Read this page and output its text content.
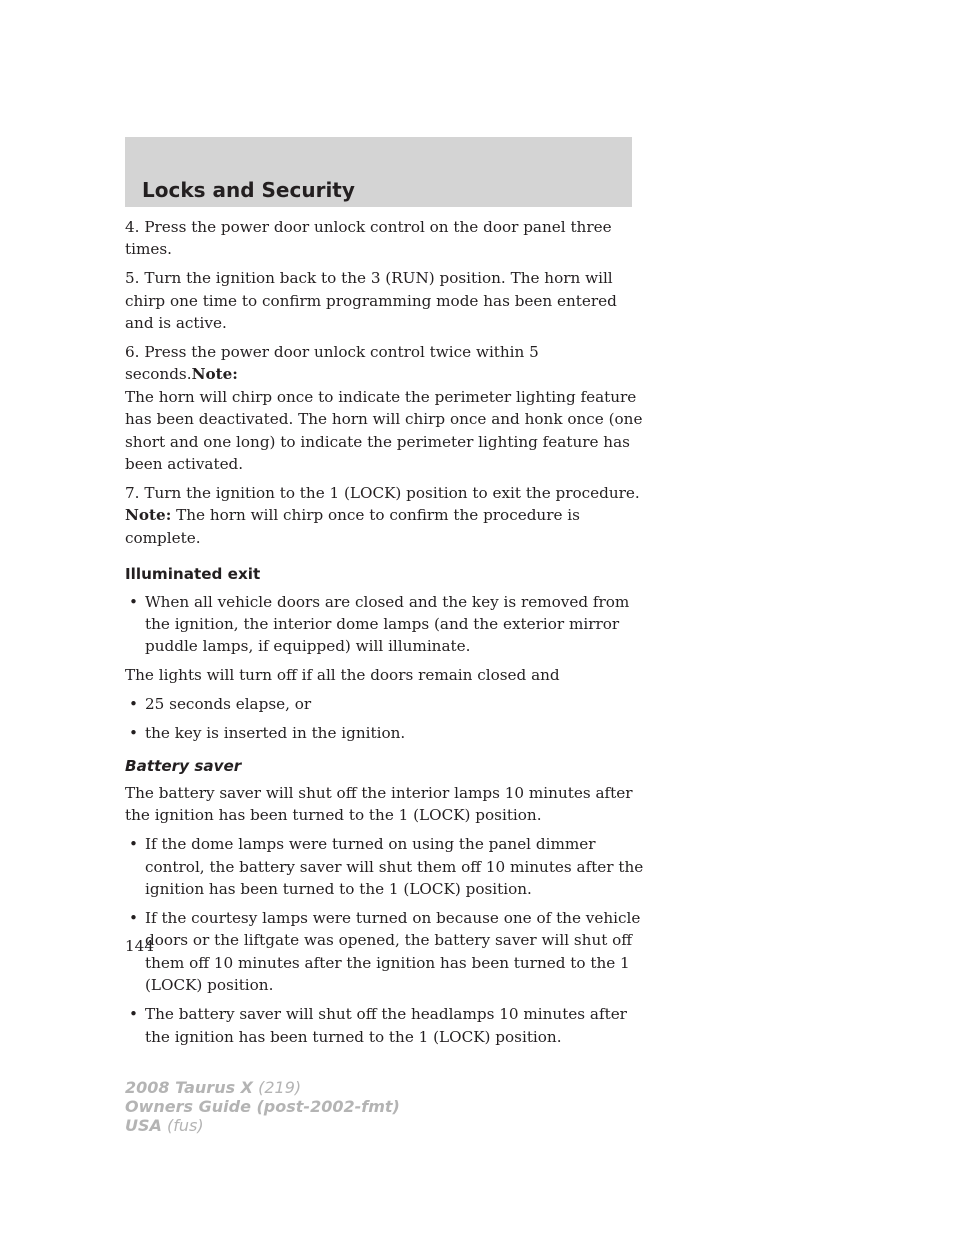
Locks and Security

4. Press the power door unlock control on the door panel three times.

5. Turn the ignition back to the 3 (RUN) position. The horn will chirp one time to confirm programming mode has been entered and is active.

6. Press the power door unlock control twice within 5 seconds.Note:
The horn will chirp once to indicate the perimeter lighting feature has been deactivated. The horn will chirp once and honk once (one short and one long) to indicate the perimeter lighting feature has been activated.

7. Turn the ignition to the 1 (LOCK) position to exit the procedure.
Note: The horn will chirp once to confirm the procedure is complete.

Illuminated exit
• When all vehicle doors are closed and the key is removed from the ignition, the interior dome lamps (and the exterior mirror puddle lamps, if equipped) will illuminate.

The lights will turn off if all the doors remain closed and

• 25 seconds elapse, or
• the key is inserted in the ignition.
Battery saver

The battery saver will shut off the interior lamps 10 minutes after the ignition has been turned to the 1 (LOCK) position.

• If the dome lamps were turned on using the panel dimmer control, the battery saver will shut them off 10 minutes after the ignition has been turned to the 1 (LOCK) position.
• If the courtesy lamps were turned on because one of the vehicle doors or the liftgate was opened, the battery saver will shut off them off 10 minutes after the ignition has been turned to the 1 (LOCK) position.
• The battery saver will shut off the headlamps 10 minutes after the ignition has been turned to the 1 (LOCK) position.
144
2008 Taurus X (219)
Owners Guide (post-2002-fmt)
USA (fus)
